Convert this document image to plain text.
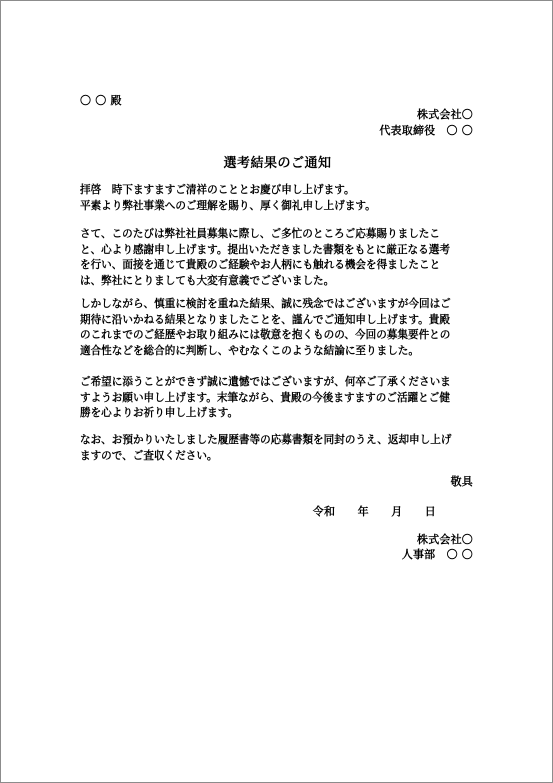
〇 〇 殿
株式会社〇
代表取締役　〇 〇
選考結果のご通知
拝啓　時下ますますご清祥のこととお慶び申し上げます。
平素より弊社事業へのご理解を賜り、厚く御礼申し上げます。
さて、このたびは弊社社員募集に際し、ご多忙のところご応募賜りましたこ
と、心より感謝申し上げます。提出いただきました書類をもとに厳正なる選考
を行い、面接を通じて貴殿のご経験やお人柄にも触れる機会を得ましたこと
は、弊社にとりましても大変有意義でございました。
しかしながら、慎重に検討を重ねた結果、誠に残念ではございますが今回はご
期待に沿いかねる結果となりましたことを、謹んでご通知申し上げます。貴殿
のこれまでのご経歴やお取り組みには敬意を抱くものの、今回の募集要件との
適合性などを総合的に判断し、やむなくこのような結論に至りました。
ご希望に添うことができず誠に遺憾ではございますが、何卒ご了承くださいま
すようお願い申し上げます。末筆ながら、貴殿の今後ますますのご活躍とご健
勝を心よりお祈り申し上げます。
なお、お預かりいたしました履歴書等の応募書類を同封のうえ、返却申し上げ
ますので、ご査収ください。
敬具
令和　　年　　月　　日
株式会社〇
人事部　〇 〇
